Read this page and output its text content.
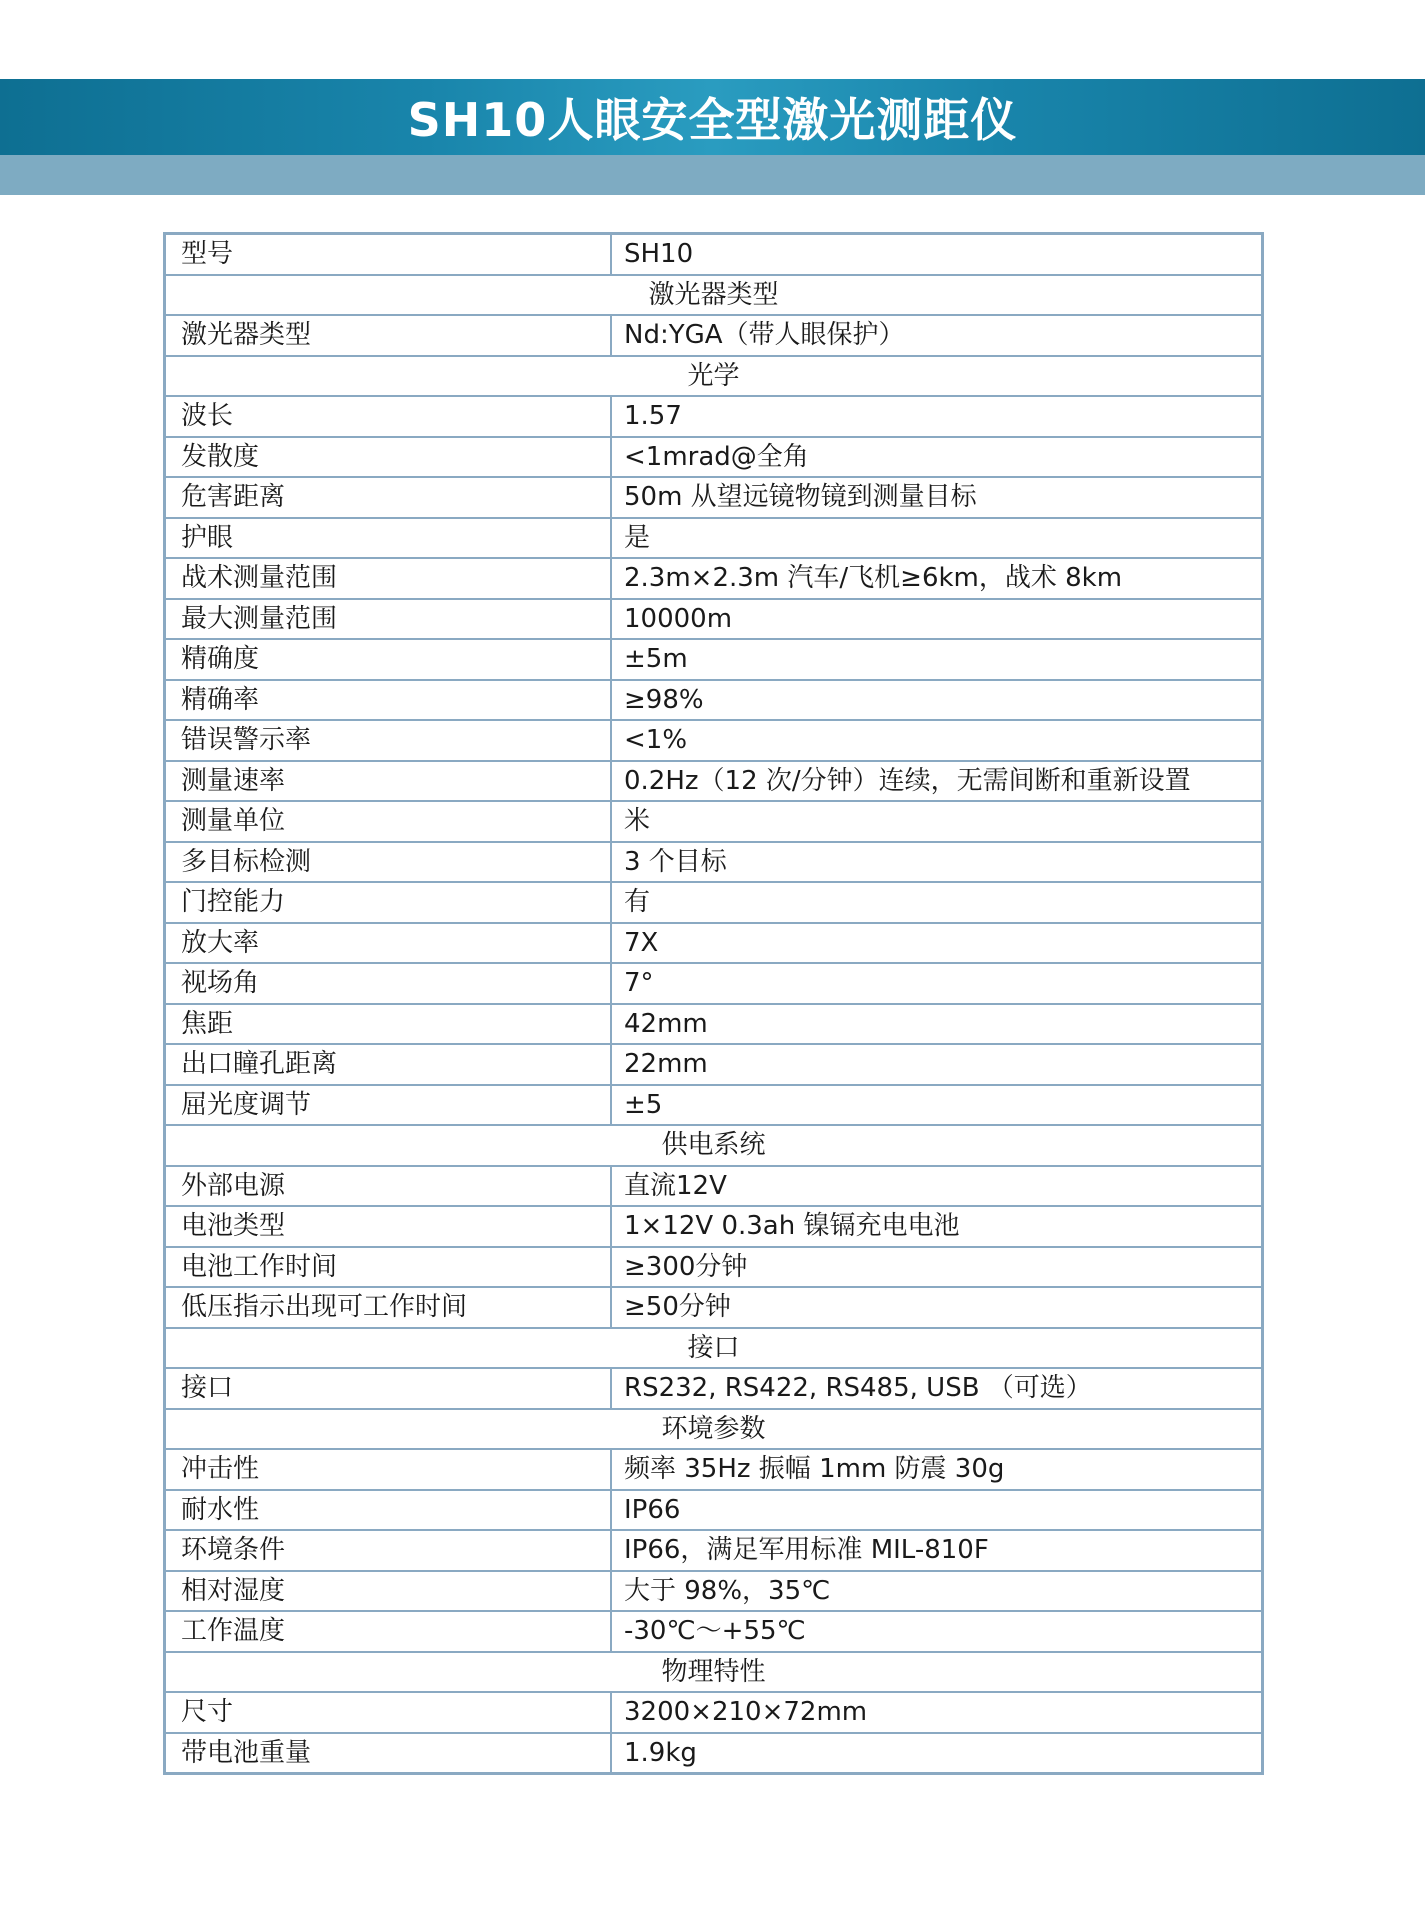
SH10人眼安全型激光测距仪
型号	SH10
激光器类型	
激光器类型	Nd:YGA（带人眼保护）
光学	
波长	1.57
发散度	<1mrad@全角
危害距离	50m 从望远镜物镜到测量目标
护眼	是
战术测量范围	2.3m×2.3m 汽车/飞机≥6km，战术 8km
最大测量范围	10000m
精确度	±5m
精确率	≥98%
错误警示率	<1%
测量速率	0.2Hz（12 次/分钟）连续，无需间断和重新设置
测量单位	米
多目标检测	3 个目标
门控能力	有
放大率	7X
视场角	7°
焦距	42mm
出口瞳孔距离	22mm
屈光度调节	±5
供电系统	
外部电源	直流12V
电池类型	1×12V 0.3ah 镍镉充电电池
电池工作时间	≥300分钟
低压指示出现可工作时间	≥50分钟
接口	
接口	RS232, RS422, RS485, USB （可选）
环境参数	
冲击性	频率 35Hz 振幅 1mm 防震 30g
耐水性	IP66
环境条件	IP66，满足军用标准 MIL-810F
相对湿度	大于 98%，35℃
工作温度	-30℃～+55℃
物理特性	
尺寸	3200×210×72mm
带电池重量	1.9kg
